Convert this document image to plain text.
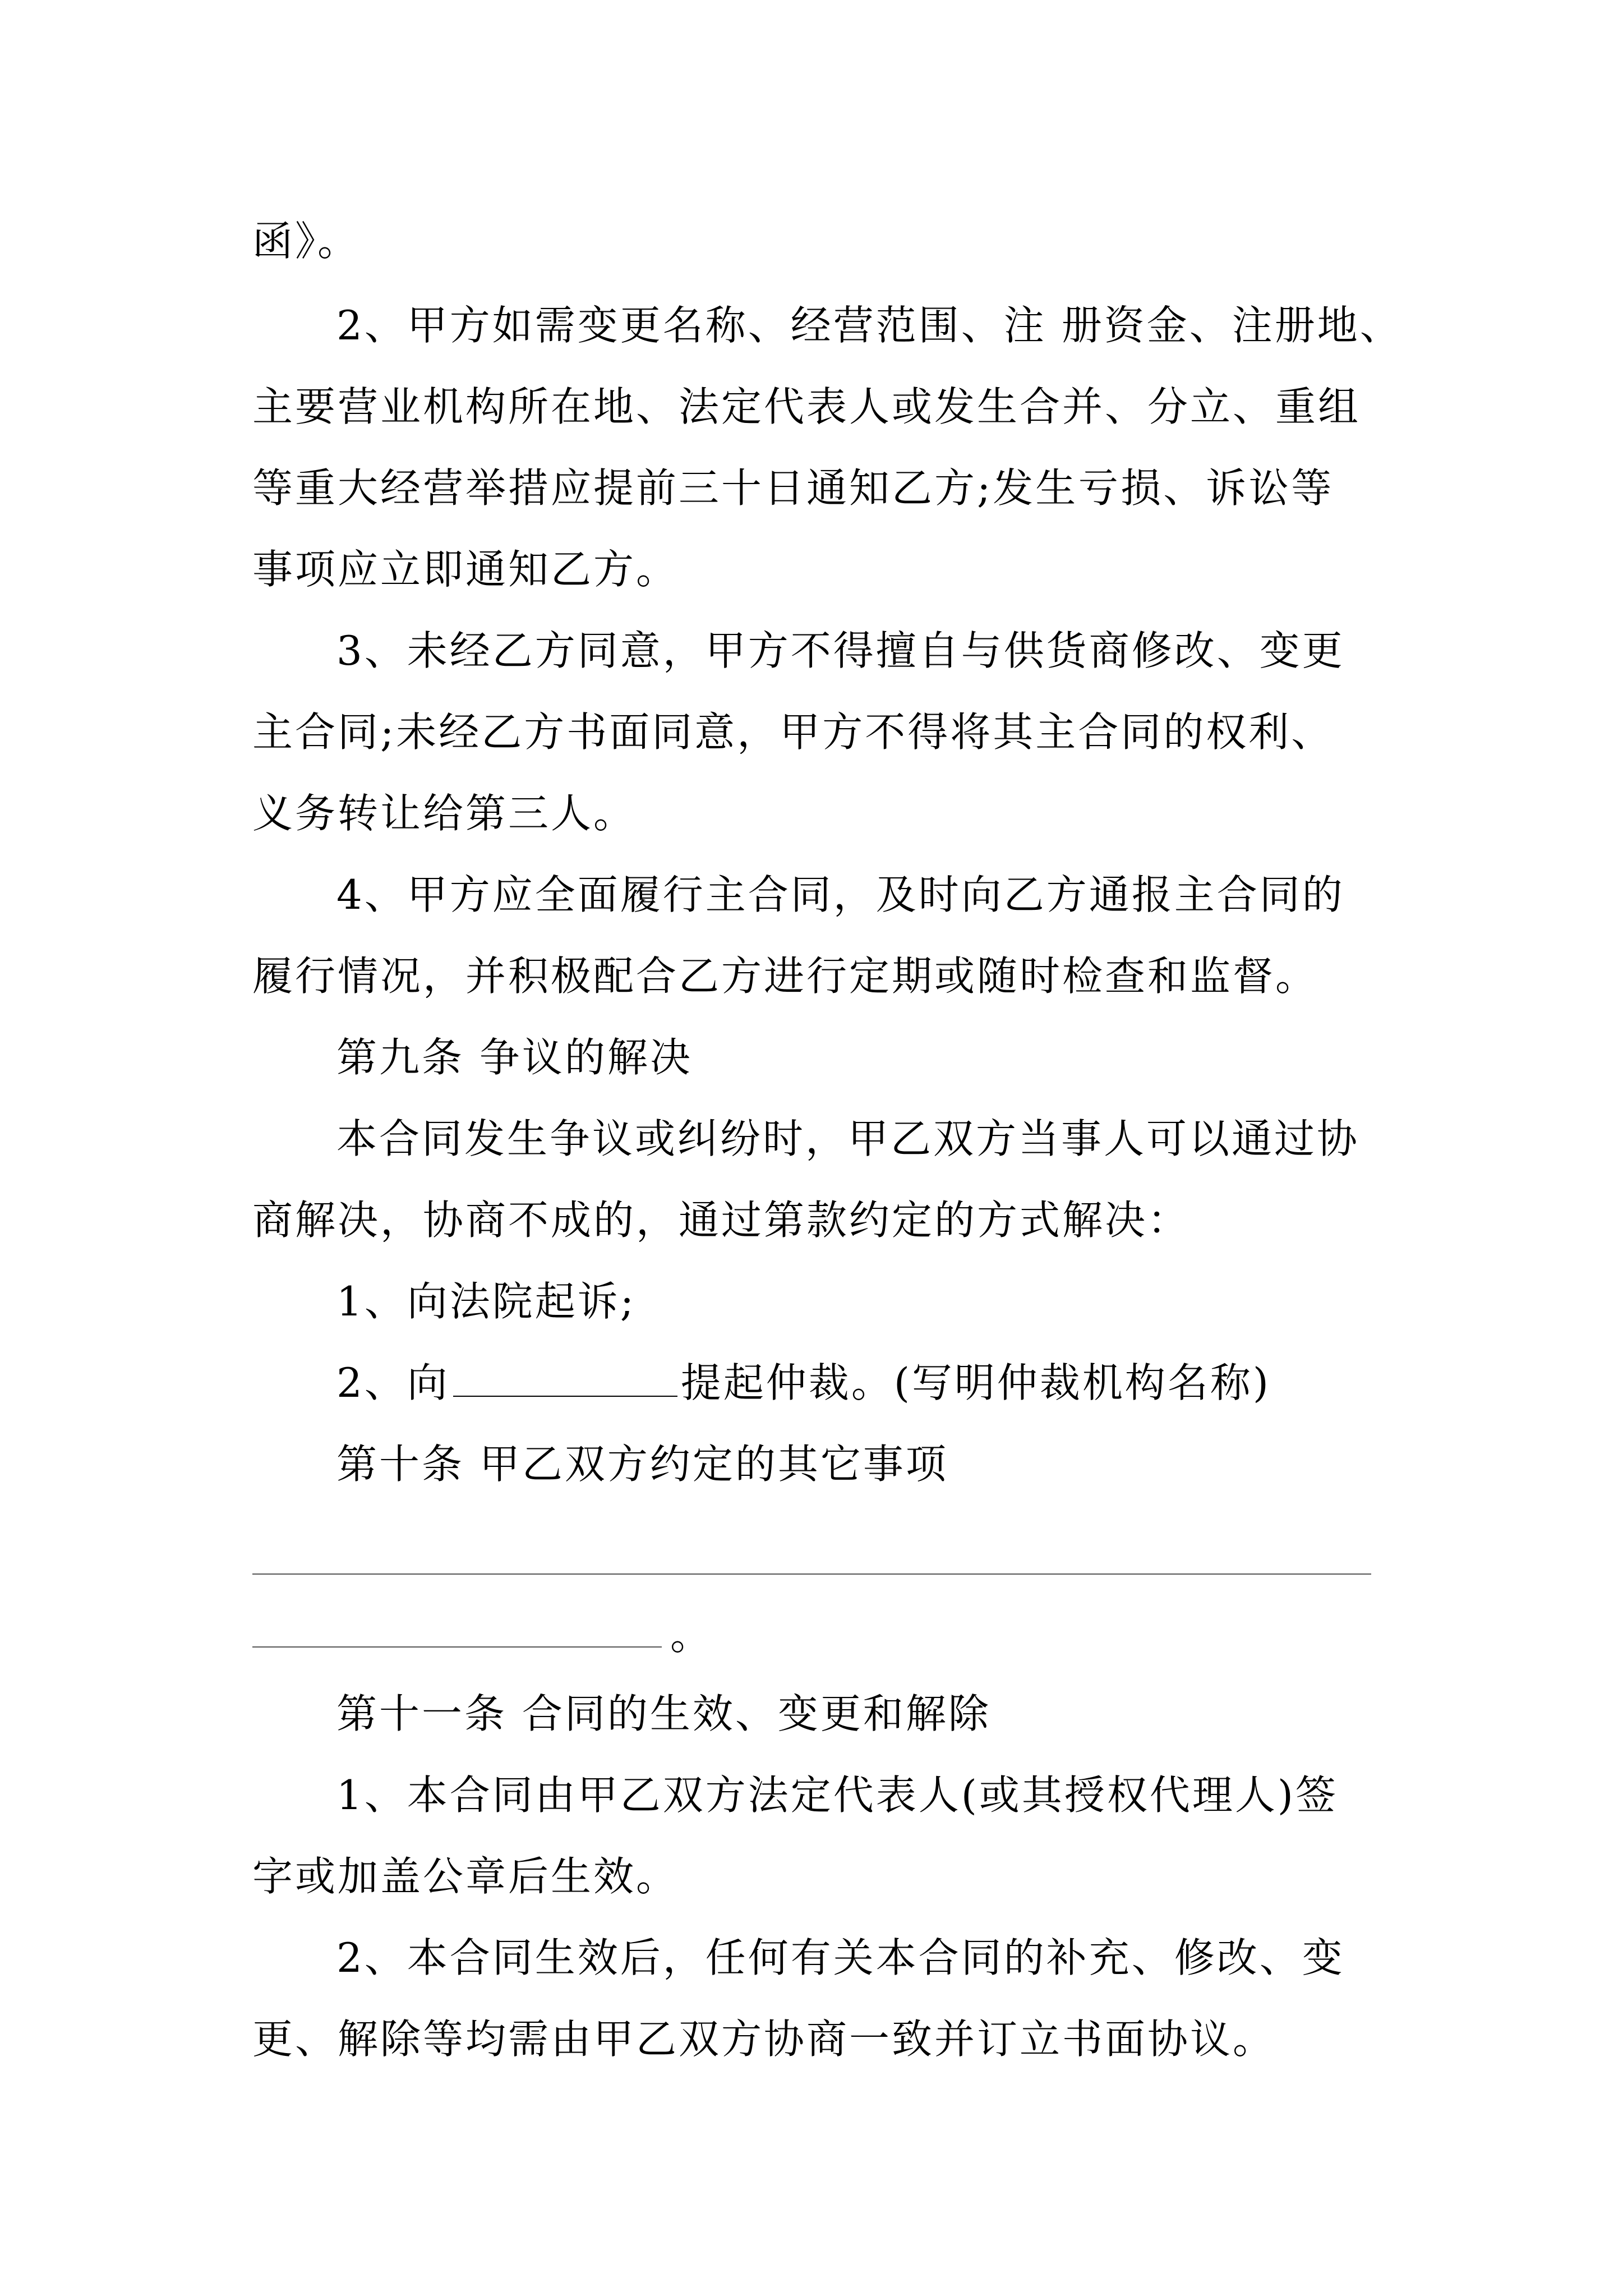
函》。
2、甲方如需变更名称、经营范围、注 册资金、注册地、
主要营业机构所在地、法定代表人或发生合并、分立、重组
等重大经营举措应提前三十日通知乙方;发生亏损、诉讼等
事项应立即通知乙方。
3、未经乙方同意，甲方不得擅自与供货商修改、变更
主合同;未经乙方书面同意，甲方不得将其主合同的权利、
义务转让给第三人。
4、甲方应全面履行主合同，及时向乙方通报主合同的
履行情况，并积极配合乙方进行定期或随时检查和监督。
第九条 争议的解决
本合同发生争议或纠纷时，甲乙双方当事人可以通过协
商解决，协商不成的，通过第款约定的方式解决：
1、向法院起诉;
2、向	提起仲裁。(写明仲裁机构名称)
第十条 甲乙双方约定的其它事项
。
第十一条 合同的生效、变更和解除
1、本合同由甲乙双方法定代表人(或其授权代理人)签
字或加盖公章后生效。
2、本合同生效后，任何有关本合同的补充、修改、变
更、解除等均需由甲乙双方协商一致并订立书面协议。
